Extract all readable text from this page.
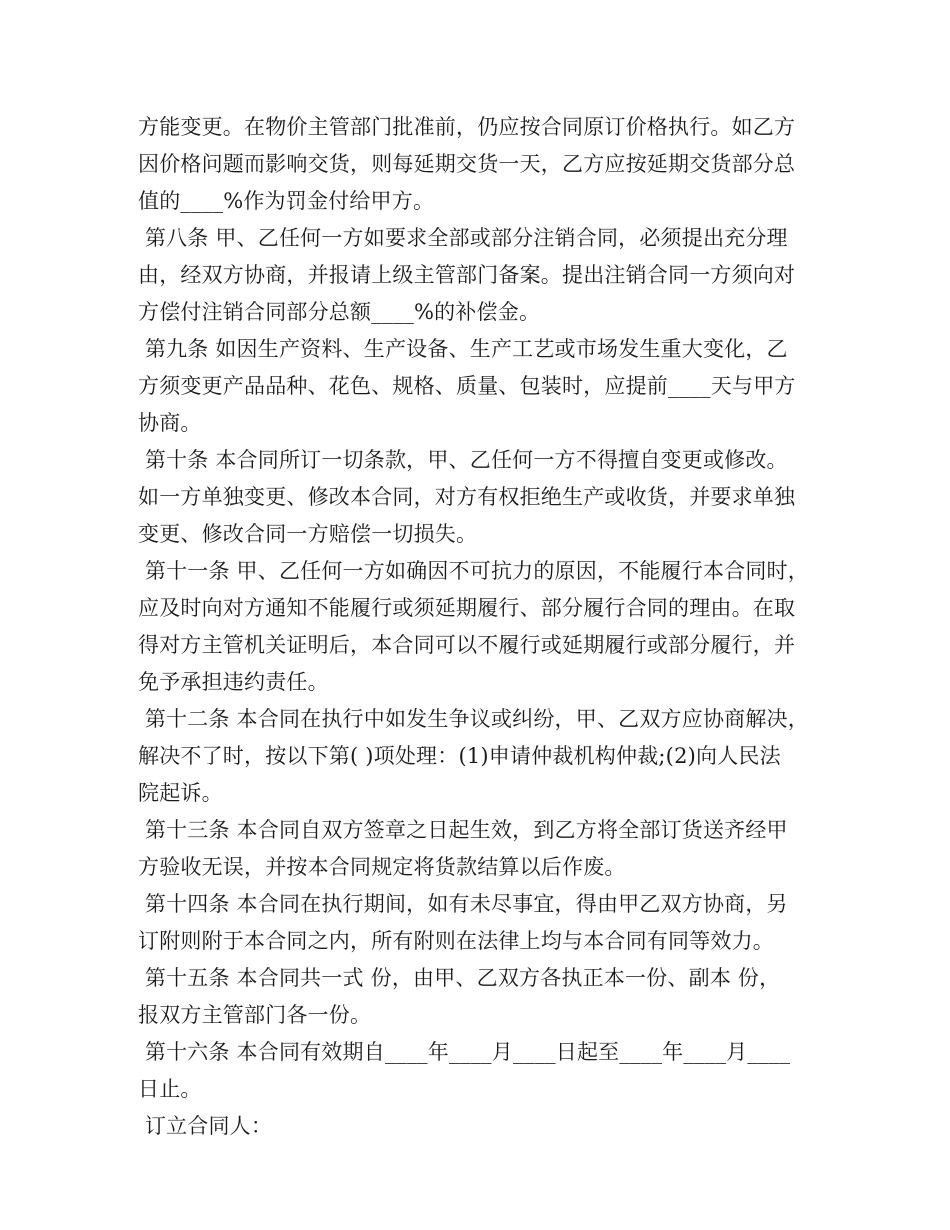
方能变更。在物价主管部门批准前，仍应按合同原订价格执行。如乙方
因价格问题而影响交货，则每延期交货一天，乙方应按延期交货部分总
值的____%作为罚金付给甲方。
第八条 甲、乙任何一方如要求全部或部分注销合同，必须提出充分理
由，经双方协商，并报请上级主管部门备案。提出注销合同一方须向对
方偿付注销合同部分总额____%的补偿金。
第九条 如因生产资料、生产设备、生产工艺或市场发生重大变化，乙
方须变更产品品种、花色、规格、质量、包装时，应提前____天与甲方
协商。
第十条 本合同所订一切条款，甲、乙任何一方不得擅自变更或修改。
如一方单独变更、修改本合同，对方有权拒绝生产或收货，并要求单独
变更、修改合同一方赔偿一切损失。
第十一条 甲、乙任何一方如确因不可抗力的原因，不能履行本合同时，
应及时向对方通知不能履行或须延期履行、部分履行合同的理由。在取
得对方主管机关证明后，本合同可以不履行或延期履行或部分履行，并
免予承担违约责任。
第十二条 本合同在执行中如发生争议或纠纷，甲、乙双方应协商解决，
解决不了时，按以下第( )项处理：(1)申请仲裁机构仲裁;(2)向人民法
院起诉。
第十三条 本合同自双方签章之日起生效，到乙方将全部订货送齐经甲
方验收无误，并按本合同规定将货款结算以后作废。
第十四条 本合同在执行期间，如有未尽事宜，得由甲乙双方协商，另
订附则附于本合同之内，所有附则在法律上均与本合同有同等效力。
第十五条 本合同共一式 份，由甲、乙双方各执正本一份、副本 份，
报双方主管部门各一份。
第十六条 本合同有效期自____年____月____日起至____年____月____
日止。
订立合同人：
